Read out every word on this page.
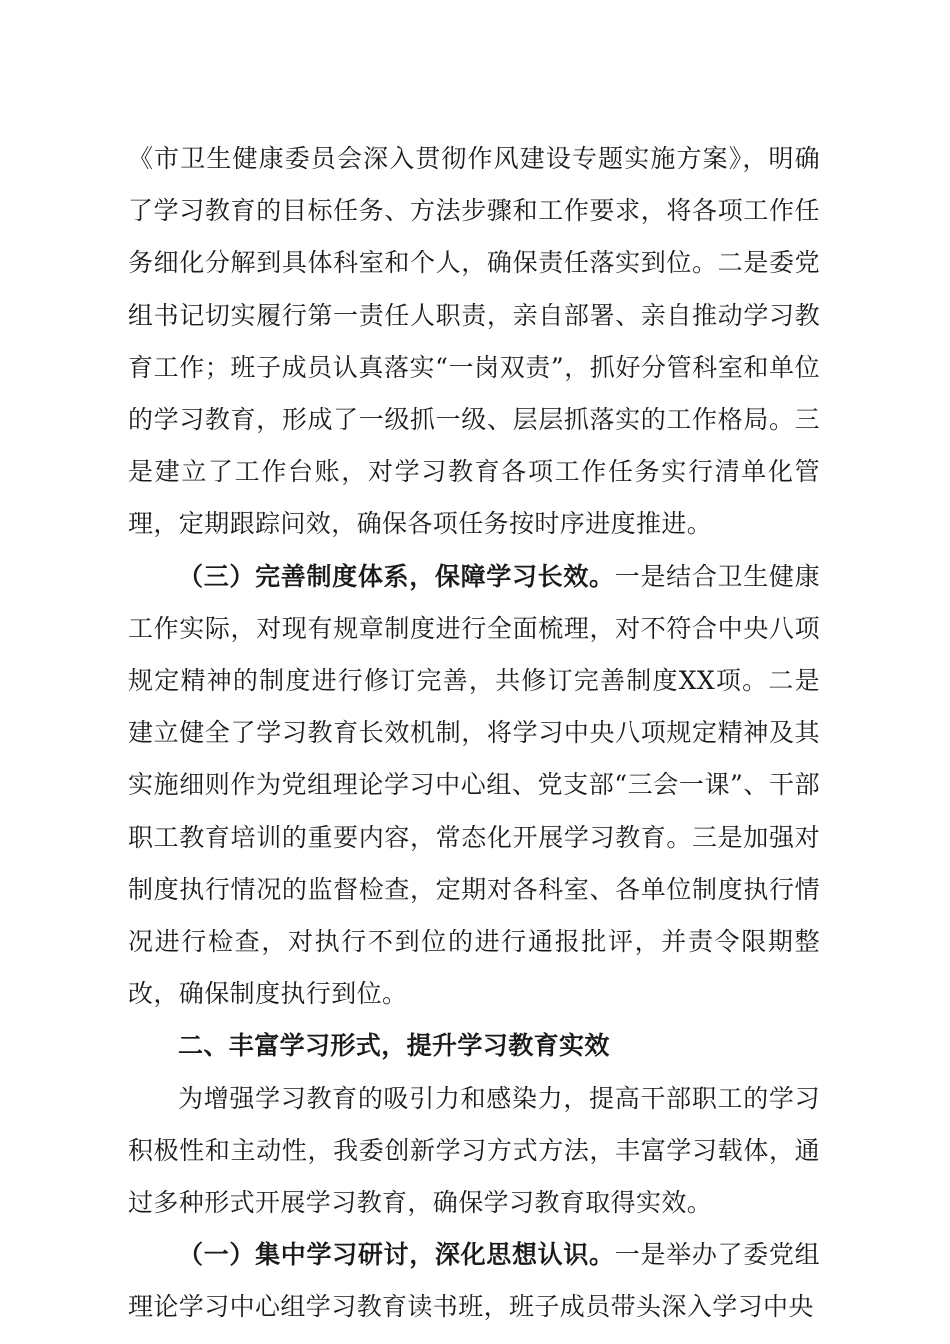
《市卫生健康委员会深入贯彻作风建设专题实施方案》，明确了学习教育的目标任务、方法步骤和工作要求，将各项工作任务细化分解到具体科室和个人，确保责任落实到位。二是委党组书记切实履行第一责任人职责，亲自部署、亲自推动学习教育工作；班子成员认真落实“一岗双责”，抓好分管科室和单位的学习教育，形成了一级抓一级、层层抓落实的工作格局。三是建立了工作台账，对学习教育各项工作任务实行清单化管理，定期跟踪问效，确保各项任务按时序进度推进。

（三）完善制度体系，保障学习长效。一是结合卫生健康工作实际，对现有规章制度进行全面梳理，对不符合中央八项规定精神的制度进行修订完善，共修订完善制度XX项。二是建立健全了学习教育长效机制，将学习中央八项规定精神及其实施细则作为党组理论学习中心组、党支部“三会一课”、干部职工教育培训的重要内容，常态化开展学习教育。三是加强对制度执行情况的监督检查，定期对各科室、各单位制度执行情况进行检查，对执行不到位的进行通报批评，并责令限期整改，确保制度执行到位。

二、丰富学习形式，提升学习教育实效

为增强学习教育的吸引力和感染力，提高干部职工的学习积极性和主动性，我委创新学习方式方法，丰富学习载体，通过多种形式开展学习教育，确保学习教育取得实效。

（一）集中学习研讨，深化思想认识。一是举办了委党组理论学习中心组学习教育读书班，班子成员带头深入学习中央
